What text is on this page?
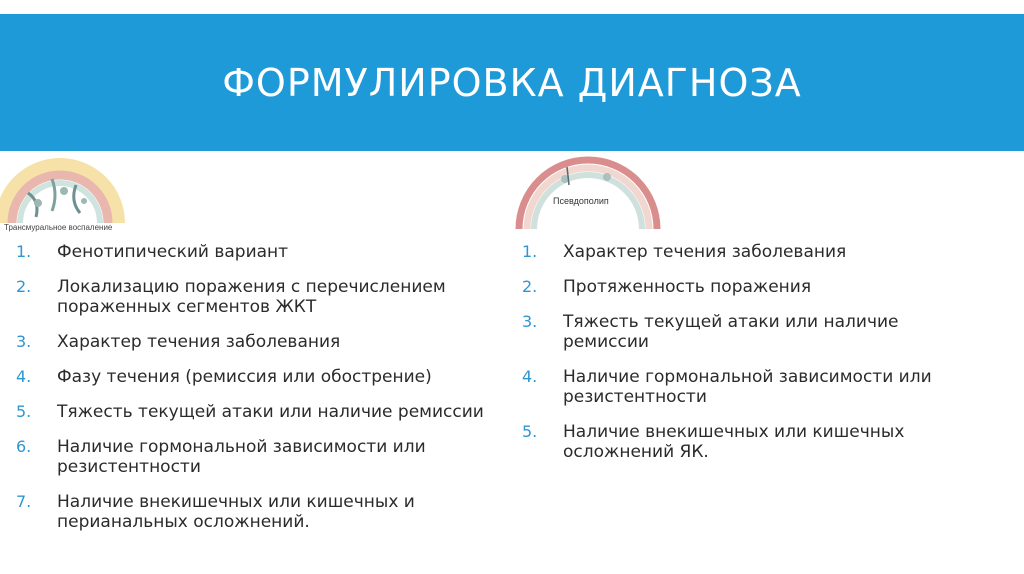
ФОРМУЛИРОВКА ДИАГНОЗА
Трансмуральное воспаление
Псевдополип
1. Фенотипический вариант
2. Локализацию поражения с перечислением пораженных сегментов ЖКТ
3. Характер течения заболевания
4. Фазу течения (ремиссия или обострение)
5. Тяжесть текущей атаки или наличие ремиссии
6. Наличие гормональной зависимости или резистентности
7. Наличие внекишечных или кишечных и перианальных осложнений.
1. Характер течения заболевания
2. Протяженность поражения
3. Тяжесть текущей атаки или наличие ремиссии
4. Наличие гормональной зависимости или резистентности
5. Наличие внекишечных или кишечных осложнений ЯК.
